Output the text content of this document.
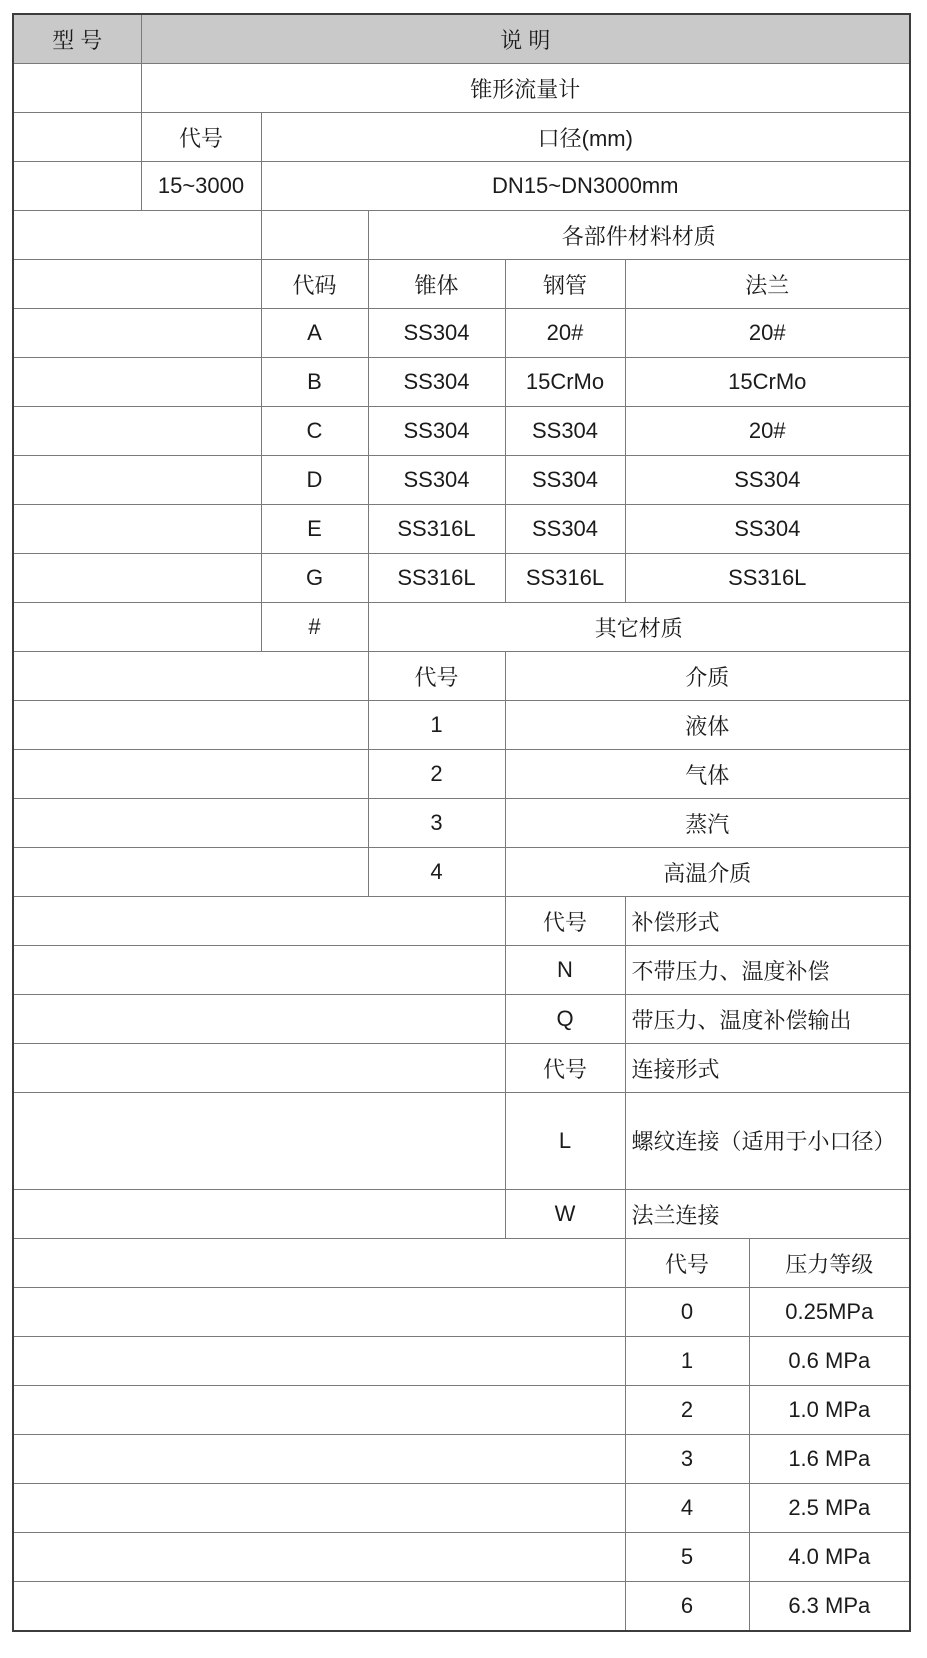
型 号	说 明					
	锥形流量计					
	代号	口径(mm)				
	15~3000	DN15~DN3000mm				
			各部件材料材质			
		代码	锥体	钢管	法兰	
		A	SS304	20#	20#	
		B	SS304	15CrMo	15CrMo	
		C	SS304	SS304	20#	
		D	SS304	SS304	SS304	
		E	SS316L	SS304	SS304	
		G	SS316L	SS316L	SS316L	
		#	其它材质			
			代号	介质		
			1	液体		
			2	气体		
			3	蒸汽		
			4	高温介质		
				代号	补偿形式	
				N	不带压力、温度补偿	
				Q	带压力、温度补偿输出	
				代号	连接形式	
				L	螺纹连接（适用于小口径）	
				W	法兰连接	
					代号	压力等级
					0	0.25MPa
					1	0.6 MPa
					2	1.0 MPa
					3	1.6 MPa
					4	2.5 MPa
					5	4.0 MPa
					6	6.3 MPa
